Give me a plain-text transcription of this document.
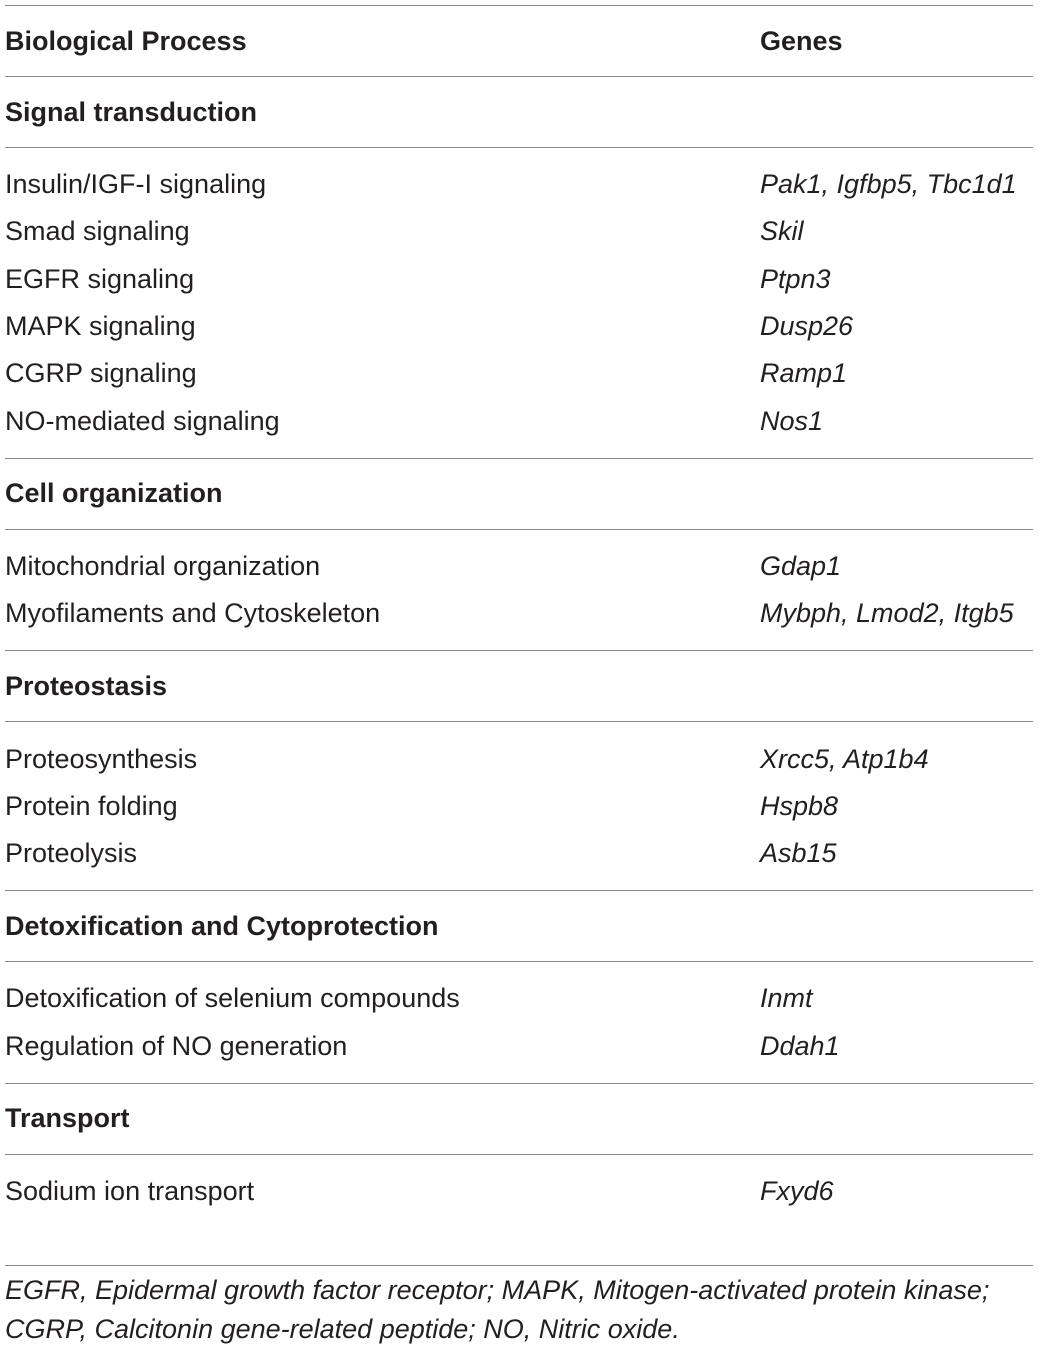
Biological Process	Genes
Signal transduction
Insulin/IGF-I signaling	Pak1, Igfbp5, Tbc1d1
Smad signaling	Skil
EGFR signaling	Ptpn3
MAPK signaling	Dusp26
CGRP signaling	Ramp1
NO-mediated signaling	Nos1
Cell organization
Mitochondrial organization	Gdap1
Myofilaments and Cytoskeleton	Mybph, Lmod2, Itgb5
Proteostasis
Proteosynthesis	Xrcc5, Atp1b4
Protein folding	Hspb8
Proteolysis	Asb15
Detoxification and Cytoprotection
Detoxification of selenium compounds	Inmt
Regulation of NO generation	Ddah1
Transport
Sodium ion transport	Fxyd6
EGFR, Epidermal growth factor receptor; MAPK, Mitogen-activated protein kinase;
CGRP, Calcitonin gene-related peptide; NO, Nitric oxide.
